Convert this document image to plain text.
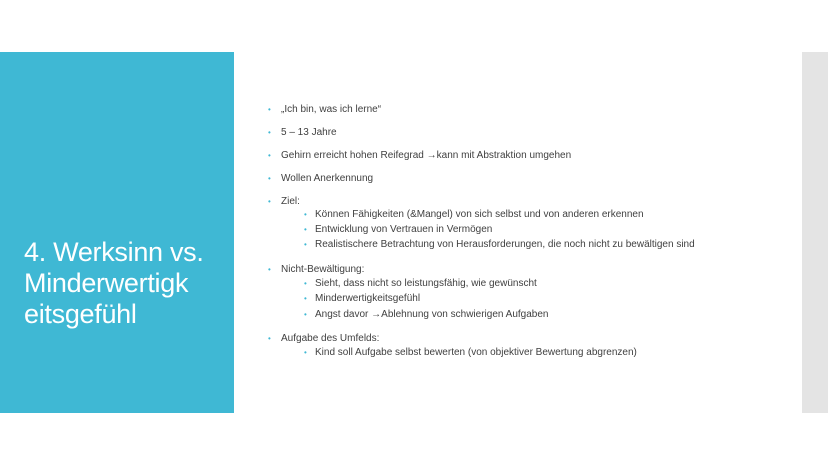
4. Werksinn vs.
Minderwertigk
eitsgefühl
• „Ich bin, was ich lerne“
• 5 – 13 Jahre
• Gehirn erreicht hohen Reifegrad →kann mit Abstraktion umgehen
• Wollen Anerkennung
• Ziel:
• Können Fähigkeiten (&Mangel) von sich selbst und von anderen erkennen
• Entwicklung von Vertrauen in Vermögen
• Realistischere Betrachtung von Herausforderungen, die noch nicht zu bewältigen sind
• Nicht-Bewältigung:
• Sieht, dass nicht so leistungsfähig, wie gewünscht
• Minderwertigkeitsgefühl
• Angst davor →Ablehnung von schwierigen Aufgaben
• Aufgabe des Umfelds:
• Kind soll Aufgabe selbst bewerten (von objektiver Bewertung abgrenzen)
